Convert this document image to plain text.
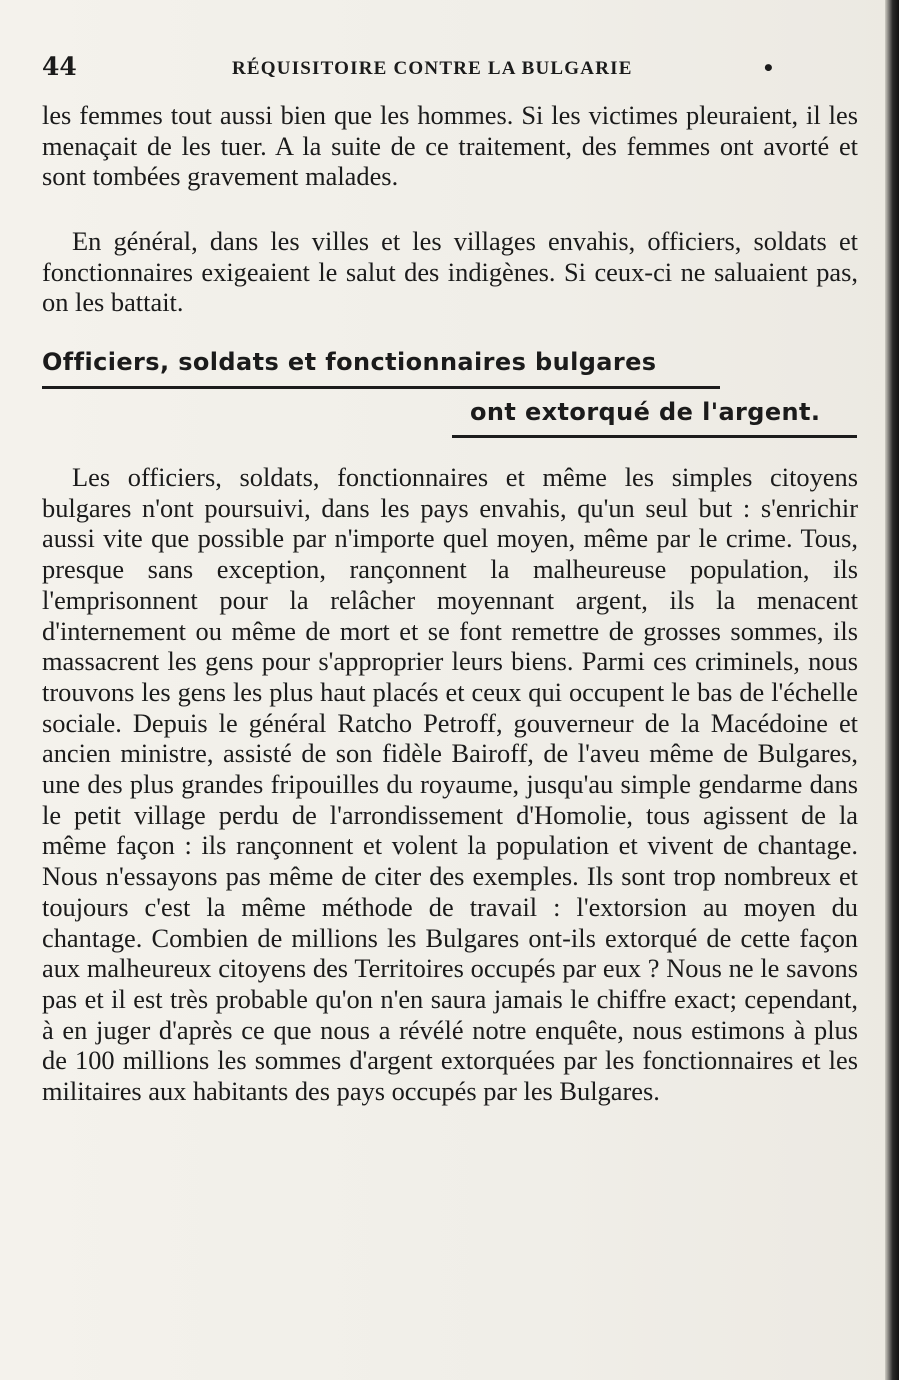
44	RÉQUISITOIRE CONTRE LA BULGARIE	•

les femmes tout aussi bien que les hommes. Si les victimes pleuraient, il les menaçait de les tuer. A la suite de ce traitement, des femmes ont avorté et sont tombées gravement malades.

En général, dans les villes et les villages envahis, officiers, soldats et fonctionnaires exigeaient le salut des indigènes. Si ceux-ci ne saluaient pas, on les battait.

Officiers, soldats et fonctionnaires bulgares
ont extorqué de l'argent.

Les officiers, soldats, fonctionnaires et même les simples citoyens bulgares n'ont poursuivi, dans les pays envahis, qu'un seul but : s'enrichir aussi vite que possible par n'importe quel moyen, même par le crime. Tous, presque sans exception, rançonnent la malheureuse population, ils l'emprisonnent pour la relâcher moyennant argent, ils la menacent d'internement ou même de mort et se font remettre de grosses sommes, ils massacrent les gens pour s'approprier leurs biens. Parmi ces criminels, nous trouvons les gens les plus haut placés et ceux qui occupent le bas de l'échelle sociale. Depuis le général Ratcho Petroff, gouverneur de la Macédoine et ancien ministre, assisté de son fidèle Bairoff, de l'aveu même de Bulgares, une des plus grandes fripouilles du royaume, jusqu'au simple gendarme dans le petit village perdu de l'arrondissement d'Homolie, tous agissent de la même façon : ils rançonnent et volent la population et vivent de chantage. Nous n'essayons pas même de citer des exemples. Ils sont trop nombreux et toujours c'est la même méthode de travail : l'extorsion au moyen du chantage. Combien de millions les Bulgares ont-ils extorqué de cette façon aux malheureux citoyens des Territoires occupés par eux ? Nous ne le savons pas et il est très probable qu'on n'en saura jamais le chiffre exact; cependant, à en juger d'après ce que nous a révélé notre enquête, nous estimons à plus de 100 millions les sommes d'argent extorquées par les fonctionnaires et les militaires aux habitants des pays occupés par les Bulgares.
